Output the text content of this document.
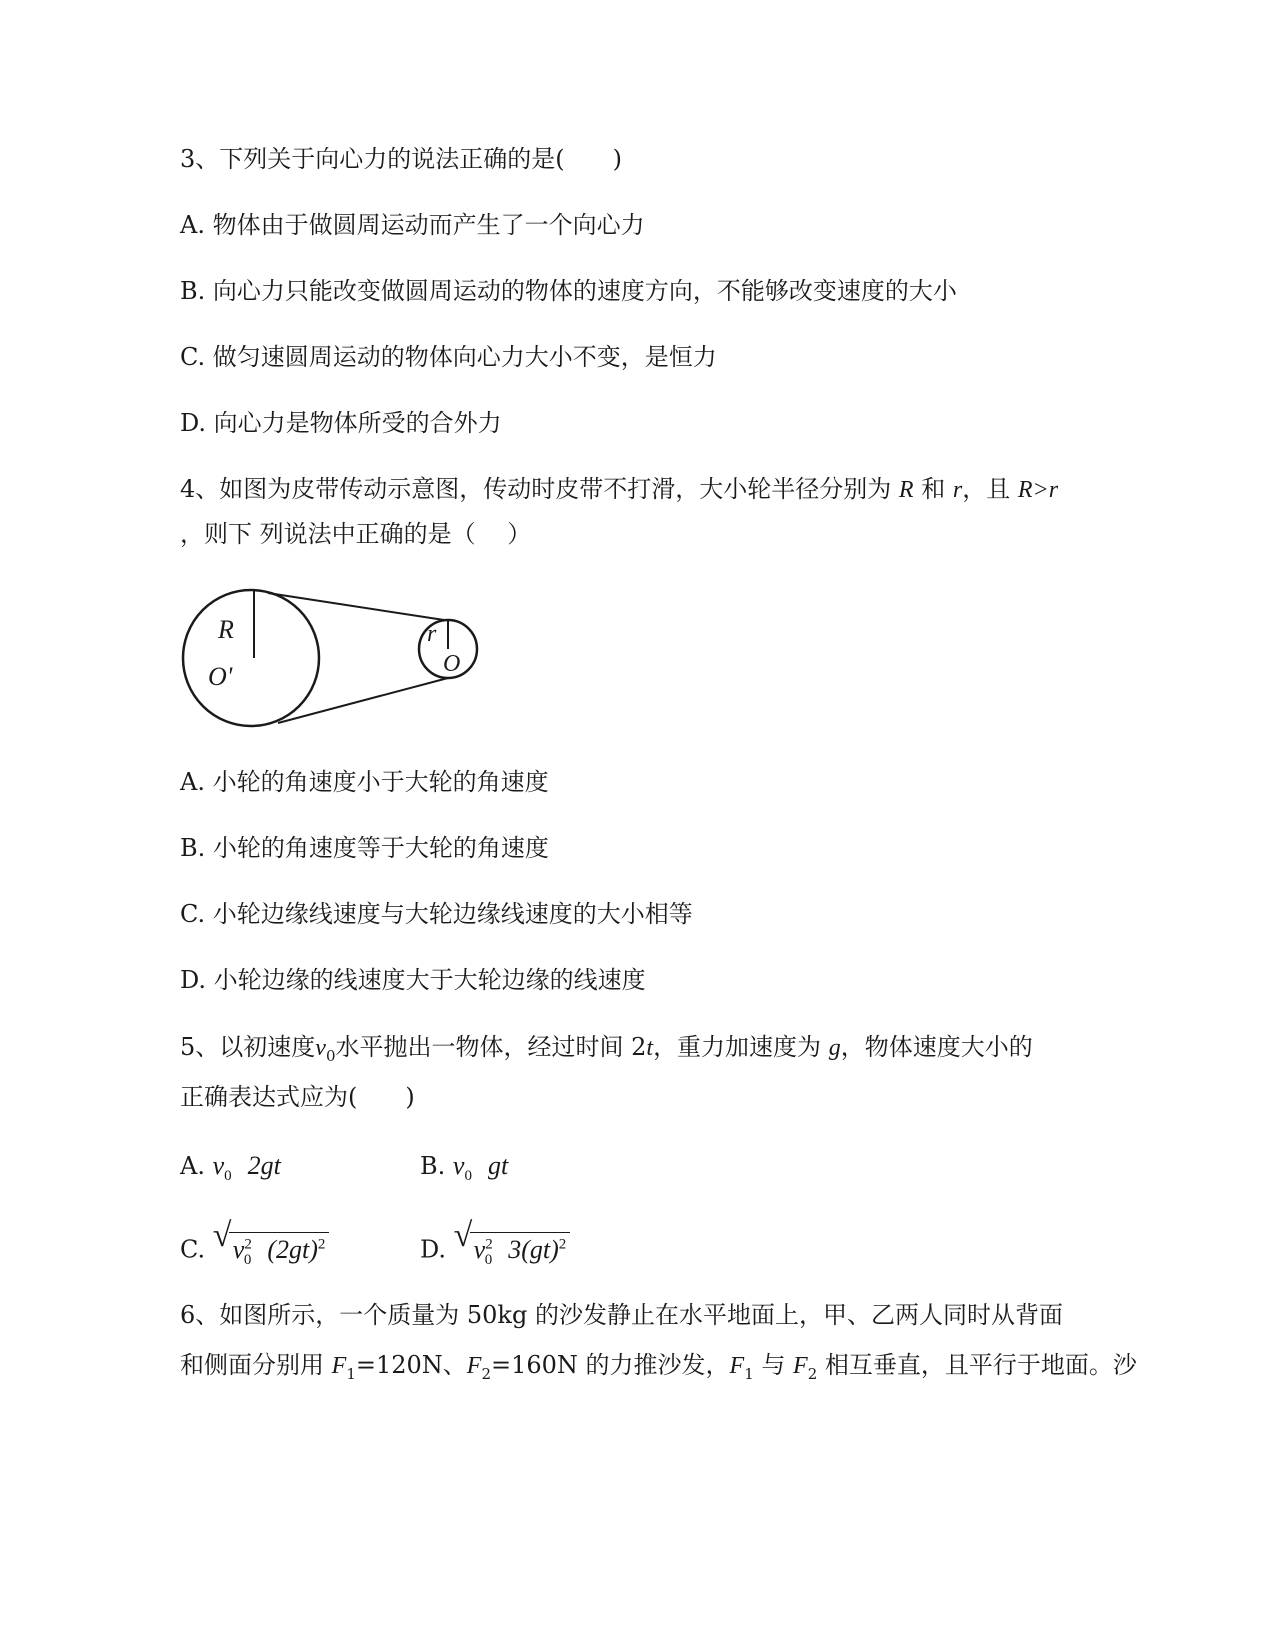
3、下列关于向心力的说法正确的是(　　)
A. 物体由于做圆周运动而产生了一个向心力
B. 向心力只能改变做圆周运动的物体的速度方向，不能够改变速度的大小
C. 做匀速圆周运动的物体向心力大小不变，是恒力
D. 向心力是物体所受的合外力
4、如图为皮带传动示意图，传动时皮带不打滑，大小轮半径分别为 R 和 r，且 R>r
，则下 列说法中正确的是（　 ）
R
O'
r
O
A. 小轮的角速度小于大轮的角速度
B. 小轮的角速度等于大轮的角速度
C. 小轮边缘线速度与大轮边缘线速度的大小相等
D. 小轮边缘的线速度大于大轮边缘的线速度
5、以初速度$v_0$水平抛出一物体，经过时间 2t，重力加速度为 g，物体速度大小的
正确表达式应为(　　)
A. $v_0$ 2gt	B. $v_0$ gt
C. √ $v^2_0$ $(2gt)^2$	D. √ $v^2_0$ 3(gt)$^2$
6、如图所示，一个质量为 50kg 的沙发静止在水平地面上，甲、乙两人同时从背面
和侧面分别用 $F_1=120N$、$F_2=160N$ 的力推沙发，$F_1$ 与 $F_2$ 相互垂直，且平行于地面。沙
